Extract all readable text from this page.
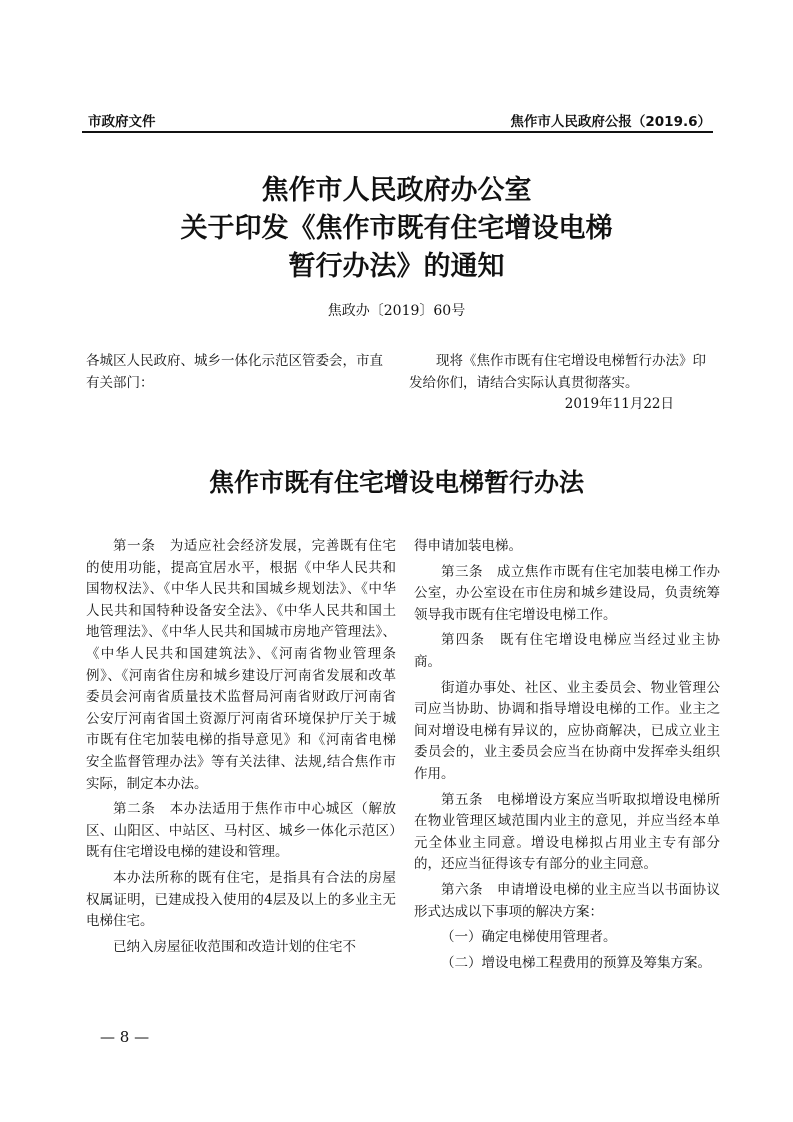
市政府文件	焦作市人民政府公报（2019.6）
焦作市人民政府办公室
关于印发《焦作市既有住宅增设电梯
暂行办法》的通知
焦政办〔2019〕60号

各城区人民政府、城乡一体化示范区管委会，市直有关部门：

现将《焦作市既有住宅增设电梯暂行办法》印发给你们，请结合实际认真贯彻落实。

2019年11月22日

焦作市既有住宅增设电梯暂行办法

第一条　为适应社会经济发展，完善既有住宅的使用功能，提高宜居水平，根据《中华人民共和国物权法》、《中华人民共和国城乡规划法》、《中华人民共和国特种设备安全法》、《中华人民共和国土地管理法》、《中华人民共和国城市房地产管理法》、《中华人民共和国建筑法》、《河南省物业管理条例》、《河南省住房和城乡建设厅河南省发展和改革委员会河南省质量技术监督局河南省财政厅河南省公安厅河南省国土资源厅河南省环境保护厅关于城市既有住宅加装电梯的指导意见》和《河南省电梯安全监督管理办法》等有关法律、法规,结合焦作市实际，制定本办法。

第二条　本办法适用于焦作市中心城区（解放区、山阳区、中站区、马村区、城乡一体化示范区）既有住宅增设电梯的建设和管理。

本办法所称的既有住宅，是指具有合法的房屋权属证明，已建成投入使用的4层及以上的多业主无电梯住宅。

已纳入房屋征收范围和改造计划的住宅不

得申请加装电梯。

第三条　成立焦作市既有住宅加装电梯工作办公室，办公室设在市住房和城乡建设局，负责统筹领导我市既有住宅增设电梯工作。

第四条　既有住宅增设电梯应当经过业主协商。

街道办事处、社区、业主委员会、物业管理公司应当协助、协调和指导增设电梯的工作。业主之间对增设电梯有异议的，应协商解决，已成立业主委员会的，业主委员会应当在协商中发挥牵头组织作用。

第五条　电梯增设方案应当听取拟增设电梯所在物业管理区域范围内业主的意见，并应当经本单元全体业主同意。增设电梯拟占用业主专有部分的，还应当征得该专有部分的业主同意。

第六条　申请增设电梯的业主应当以书面协议形式达成以下事项的解决方案：

（一）确定电梯使用管理者。

（二）增设电梯工程费用的预算及筹集方案。

— 8 —
